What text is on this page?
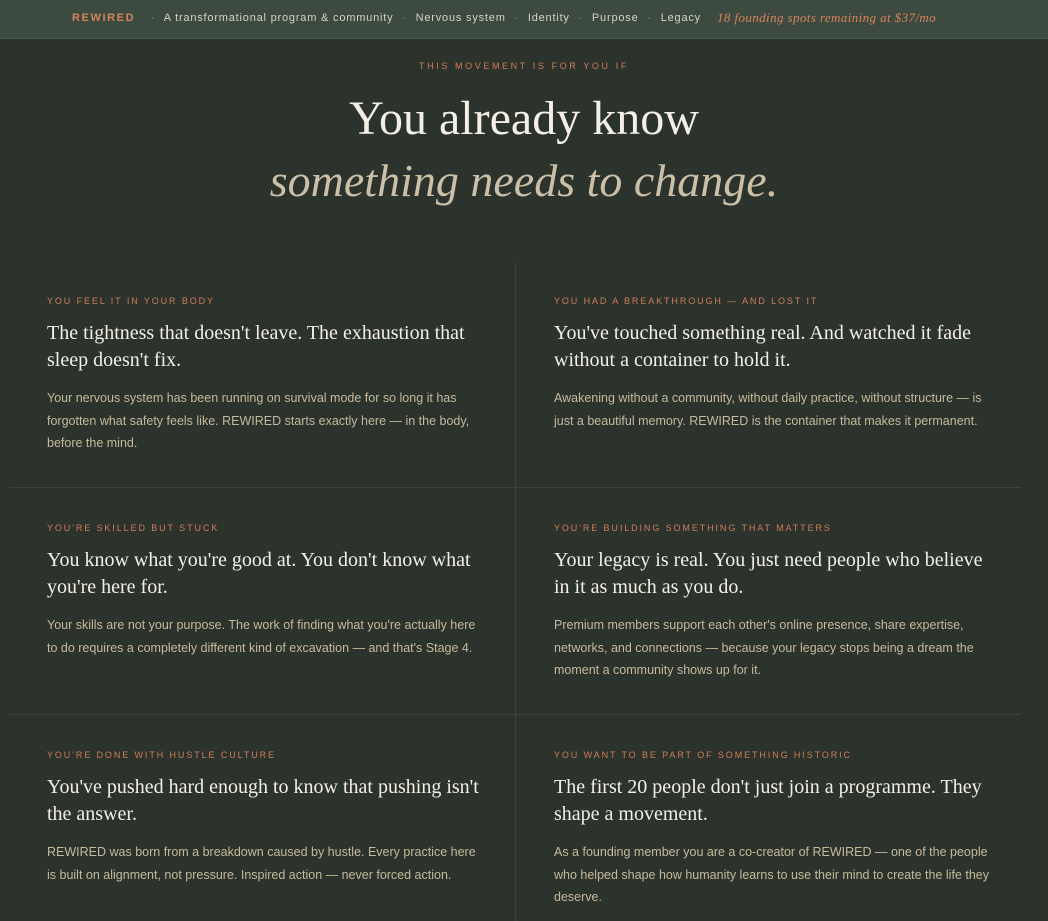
REWIRED	· A transformational program & community · Nervous system · Identity · Purpose · Legacy 18 founding spots remaining at $37/mo
THIS MOVEMENT IS FOR YOU IF
You already know
something needs to change.
YOU FEEL IT IN YOUR BODY
The tightness that doesn't leave. The exhaustion that sleep doesn't fix.
Your nervous system has been running on survival mode for so long it has forgotten what safety feels like. REWIRED starts exactly here — in the body, before the mind.
YOU HAD A BREAKTHROUGH — AND LOST IT
You've touched something real. And watched it fade without a container to hold it.
Awakening without a community, without daily practice, without structure — is just a beautiful memory. REWIRED is the container that makes it permanent.
YOU'RE SKILLED BUT STUCK
You know what you're good at. You don't know what you're here for.
Your skills are not your purpose. The work of finding what you're actually here to do requires a completely different kind of excavation — and that's Stage 4.
YOU'RE BUILDING SOMETHING THAT MATTERS
Your legacy is real. You just need people who believe in it as much as you do.
Premium members support each other's online presence, share expertise, networks, and connections — because your legacy stops being a dream the moment a community shows up for it.
YOU'RE DONE WITH HUSTLE CULTURE
You've pushed hard enough to know that pushing isn't the answer.
REWIRED was born from a breakdown caused by hustle. Every practice here is built on alignment, not pressure. Inspired action — never forced action.
YOU WANT TO BE PART OF SOMETHING HISTORIC
The first 20 people don't just join a programme. They shape a movement.
As a founding member you are a co-creator of REWIRED — one of the people who helped shape how humanity learns to use their mind to create the life they deserve.
